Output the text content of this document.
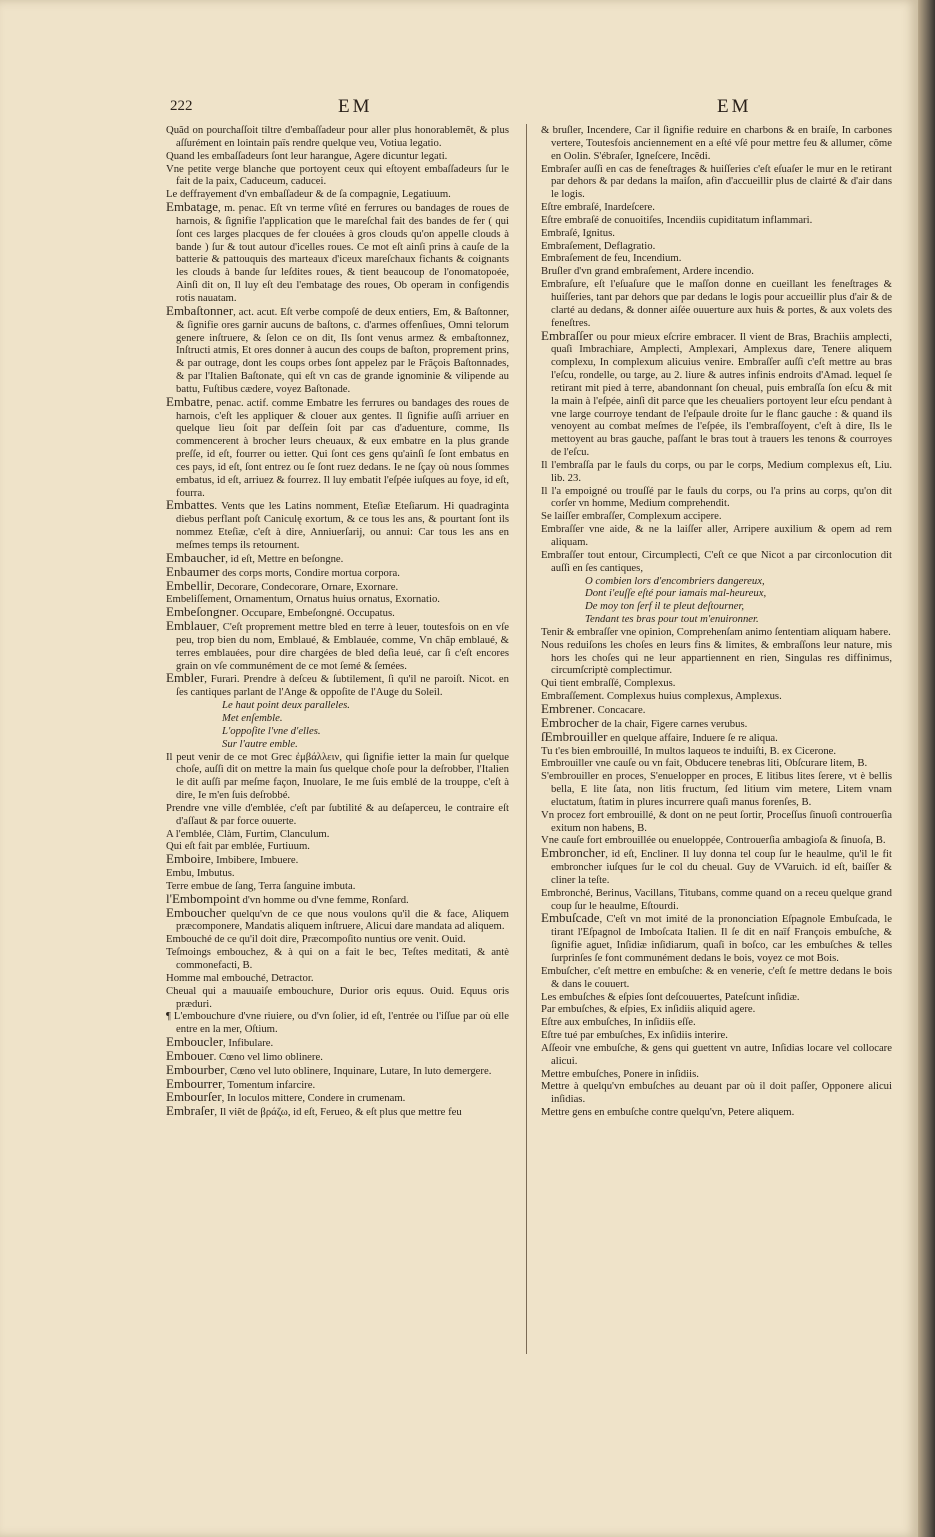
222	EM	EM

Quãd on pourchaſſoit tiltre d'embaſſadeur pour aller plus honorablemẽt, & plus aſſurément en lointain païs rendre quelque veu, Votiua legatio.

Quand les embaſſadeurs ſont leur harangue, Agere dicuntur legati.

Vne petite verge blanche que portoyent ceux qui eſtoyent embaſſadeurs ſur le fait de la paix, Caduceum, caducei.

Le deffrayement d'vn embaſſadeur & de ſa compagnie, Legatiuum.

Embatage, m. penac. Eſt vn terme vſité en ferrures ou bandages de roues de harnois, & ſignifie l'application que le mareſchal fait des bandes de fer ( qui ſont ces larges placques de fer clouées à gros clouds qu'on appelle clouds à bande ) ſur & tout autour d'icelles roues. Ce mot eſt ainſi prins à cauſe de la batterie & pattouquis des marteaux d'iceux mareſchaux fichants & coignants les clouds à bande ſur leſdites roues, & tient beaucoup de l'onomatopoée, Ainſi dit on, Il luy eſt deu l'embatage des roues, Ob operam in configendis rotis nauatam.

Embaſtonner, act. acut. Eſt verbe compoſé de deux entiers, Em, & Baſtonner, & ſignifie ores garnir aucuns de baſtons, c. d'armes offenſiues, Omni telorum genere inſtruere, & ſelon ce on dit, Ils ſont venus armez & embaſtonnez, Inſtructi atmis, Et ores donner à aucun des coups de baſton, proprement prins, & par outrage, dont les coups orbes ſont appelez par le Frãçois Baſtonnades, & par l'Italien Baſtonate, qui eſt vn cas de grande ignominie & vilipende au battu, Fuſtibus cædere, voyez Baſtonade.

Embatre, penac. actif. comme Embatre les ferrures ou bandages des roues de harnois, c'eſt les appliquer & clouer aux gentes. Il ſignifie auſſi arriuer en quelque lieu ſoit par deſſein ſoit par cas d'aduenture, comme, Ils commencerent à brocher leurs cheuaux, & eux embatre en la plus grande preſſe, id eſt, fourrer ou ietter. Qui ſont ces gens qu'ainſi ſe ſont embatus en ces pays, id eſt, ſont entrez ou ſe ſont ruez dedans. Ie ne ſçay où nous ſommes embatus, id eſt, arriuez & fourrez. Il luy embatit l'eſpée iuſques au foye, id eſt, fourra.

Embattes. Vents que les Latins nomment, Eteſiæ Eteſiarum. Hi quadraginta diebus perflant poſt Caniculę exortum, & ce tous les ans, & pourtant ſont ils nommez Eteſiæ, c'eſt à dire, Anniuerſarij, ou annui: Car tous les ans en meſmes temps ils retournent.

Embaucher, id eſt, Mettre en beſongne.

Enbaumer des corps morts, Condire mortua corpora.

Embellir, Decorare, Condecorare, Ornare, Exornare.

Embeliſſement, Ornamentum, Ornatus huius ornatus, Exornatio.

Embeſongner. Occupare, Embeſongné. Occupatus.

Emblauer, C'eſt proprement mettre bled en terre à leuer, toutesfois on en vſe peu, trop bien du nom, Emblaué, & Emblauée, comme, Vn chãp emblaué, & terres emblauées, pour dire chargées de bled deſia leué, car ſi c'eſt encores grain on vſe communément de ce mot ſemé & ſemées.

Embler, Furari. Prendre à deſceu & ſubtilement, ſi qu'il ne paroiſt. Nicot. en ſes cantiques parlant de l'Ange & oppoſite de l'Auge du Soleil.

Le haut point deux paralleles.

Met enſemble.

L'oppoſite l'vne d'elles.

Sur l'autre emble.

Il peut venir de ce mot Grec ἐμβάλλειν, qui ſignifie ietter la main ſur quelque choſe, auſſi dit on mettre la main ſus quelque choſe pour la deſrobber, l'Italien le dit auſſi par meſme façon, Inuolare, Ie me ſuis emblé de la trouppe, c'eſt à dire, Ie m'en ſuis deſrobbé.

Prendre vne ville d'emblée, c'eſt par ſubtilité & au deſaperceu, le contraire eſt d'aſſaut & par force ouuerte.

A l'emblée, Clàm, Furtim, Clanculum.

Qui eſt fait par emblée, Furtiuum.

Emboire, Imbibere, Imbuere.

Embu, Imbutus.

Terre embue de ſang, Terra ſanguine imbuta.

l'Embompoint d'vn homme ou d'vne femme, Ronſard.

Emboucher quelqu'vn de ce que nous voulons qu'il die & face, Aliquem præcomponere, Mandatis aliquem inſtruere, Alicui dare mandata ad aliquem.

Embouché de ce qu'il doit dire, Præcompoſito nuntius ore venit. Ouid.

Teſmoings embouchez, & à qui on a fait le bec, Teſtes meditati, & antè commonefacti, B.

Homme mal embouché, Detractor.

Cheual qui a mauuaiſe embouchure, Durior oris equus. Ouid. Equus oris præduri.

¶ L'embouchure d'vne riuiere, ou d'vn ſolier, id eſt, l'entrée ou l'iſſue par où elle entre en la mer, Oſtium.

Emboucler, Infibulare.

Embouer. Cœno vel limo oblinere.

Embourber, Cœno vel luto oblinere, Inquinare, Lutare, In luto demergere.

Embourrer, Tomentum infarcire.

Embourſer, In loculos mittere, Condere in crumenam.

Embraſer, Il viẽt de βράζω, id eſt, Ferueo, & eſt plus que mettre feu

& bruſler, Incendere, Car il ſignifie reduire en charbons & en braiſe, In carbones vertere, Toutesfois anciennement en a eſté vſé pour mettre feu & allumer, cõme en Oolin. S'ébraſer, Igneſcere, Incẽdi.

Embraſer auſſi en cas de feneſtrages & huiſſeries c'eſt eſuaſer le mur en le retirant par dehors & par dedans la maiſon, afin d'accueillir plus de clairté & d'air dans le logis.

Eſtre embraſé, Inardeſcere.

Eſtre embraſé de conuoitiſes, Incendiis cupiditatum inflammari.

Embraſé, Ignitus.

Embraſement, Deflagratio.

Embraſement de feu, Incendium.

Bruſler d'vn grand embraſement, Ardere incendio.

Embraſure, eſt l'eſuaſure que le maſſon donne en cueillant les feneſtrages & huiſſeries, tant par dehors que par dedans le logis pour accueillir plus d'air & de clarté au dedans, & donner aiſée ouuerture aux huis & portes, & aux volets des feneſtres.

Embraſſer ou pour mieux eſcrire embracer. Il vient de Bras, Brachiis amplecti, quaſi Imbrachiare, Amplecti, Amplexari, Amplexus dare, Tenere aliquem complexu, In complexum alicuius venire. Embraſſer auſſi c'eſt mettre au bras l'eſcu, rondelle, ou targe, au 2. liure & autres infinis endroits d'Amad. lequel ſe retirant mit pied à terre, abandonnant ſon cheual, puis embraſſa ſon eſcu & mit la main à l'eſpée, ainſi dit parce que les cheualiers portoyent leur eſcu pendant à vne large courroye tendant de l'eſpaule droite ſur le flanc gauche : & quand ils venoyent au combat meſmes de l'eſpée, ils l'embraſſoyent, c'eſt à dire, Ils le mettoyent au bras gauche, paſſant le bras tout à trauers les tenons & courroyes de l'eſcu.

Il l'embraſſa par le fauls du corps, ou par le corps, Medium complexus eſt, Liu. lib. 23.

Il l'a empoigné ou trouſſé par le fauls du corps, ou l'a prins au corps, qu'on dit corſer vn homme, Medium comprehendit.

Se laiſſer embraſſer, Complexum accipere.

Embraſſer vne aide, & ne la laiſſer aller, Arripere auxilium & opem ad rem aliquam.

Embraſſer tout entour, Circumplecti, C'eſt ce que Nicot a par circonlocution dit auſſi en ſes cantiques,

O combien lors d'encombriers dangereux,

Dont i'euſſe eſté pour iamais mal-heureux,

De moy ton ſerf il te pleut deſtourner,

Tendant tes bras pour tout m'enuironner.

Tenir & embraſſer vne opinion, Comprehenſam animo ſententiam aliquam habere.

Nous reduiſons les choſes en leurs fins & limites, & embraſſons leur nature, mis hors les choſes qui ne leur appartiennent en rien, Singulas res diffinimus, circumſcriptè complectimur.

Qui tient embraſſé, Complexus.

Embraſſement. Complexus huius complexus, Amplexus.

Embrener. Concacare.

Embrocher de la chair, Figere carnes verubus.

ſEmbrouiller en quelque affaire, Induere ſe re aliqua.

Tu t'es bien embrouillé, In multos laqueos te induiſti, B. ex Cicerone.

Embrouiller vne cauſe ou vn fait, Obducere tenebras liti, Obſcurare litem, B.

S'embrouiller en proces, S'enuelopper en proces, E litibus lites ſerere, vt è bellis bella, E lite ſata, non litis fructum, ſed litium vim metere, Litem vnam eluctatum, ſtatim in plures incurrere quaſi manus forenſes, B.

Vn procez fort embrouillé, & dont on ne peut ſortir, Proceſſus ſinuoſi controuerſia exitum non habens, B.

Vne cauſe fort embrouillée ou enueloppée, Controuerſia ambagioſa & ſinuoſa, B.

Embroncher, id eſt, Encliner. Il luy donna tel coup ſur le heaulme, qu'il le fit embroncher iuſques ſur le col du cheual. Guy de VVaruich. id eſt, baiſſer & cliner la teſte.

Embronché, Berinus, Vacillans, Titubans, comme quand on a receu quelque grand coup ſur le heaulme, Eſtourdi.

Embuſcade, C'eſt vn mot imité de la prononciation Eſpagnole Embuſcada, le tirant l'Eſpagnol de Imboſcata Italien. Il ſe dit en naïf François embuſche, & ſignifie aguet, Inſidiæ inſidiarum, quaſi in boſco, car les embuſches & telles ſurprinſes ſe font communément dedans le bois, voyez ce mot Bois.

Embuſcher, c'eſt mettre en embuſche: & en venerie, c'eſt ſe mettre dedans le bois & dans le couuert.

Les embuſches & eſpies ſont deſcouuertes, Pateſcunt inſidiæ.

Par embuſches, & eſpies, Ex inſidiis aliquid agere.

Eſtre aux embuſches, In inſidiis eſſe.

Eſtre tué par embuſches, Ex inſidiis interire.

Aſſeoir vne embuſche, & gens qui guettent vn autre, Inſidias locare vel collocare alicui.

Mettre embuſches, Ponere in inſidiis.

Mettre à quelqu'vn embuſches au deuant par où il doit paſſer, Opponere alicui inſidias.

Mettre gens en embuſche contre quelqu'vn, Petere aliquem.
